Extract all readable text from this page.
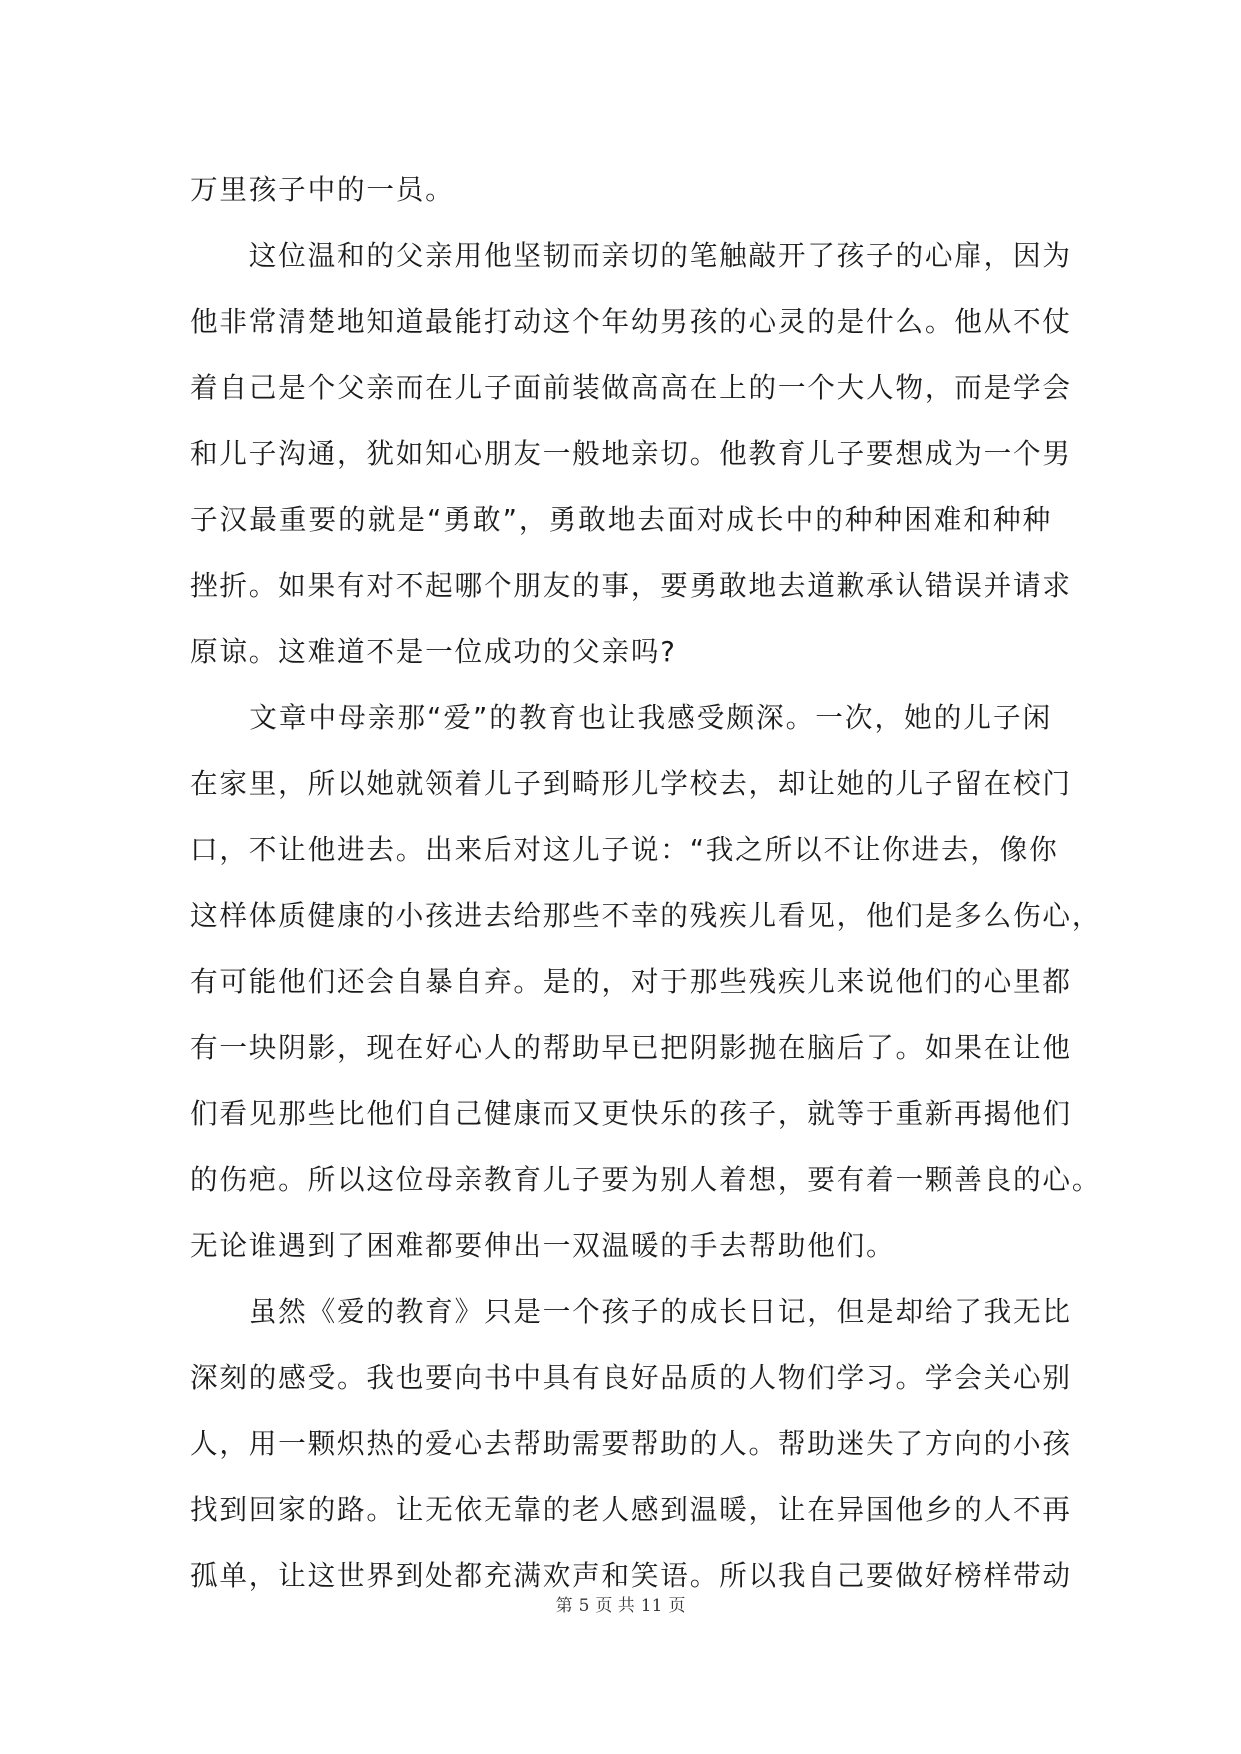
万里孩子中的一员。
　　这位温和的父亲用他坚韧而亲切的笔触敲开了孩子的心扉，因为
他非常清楚地知道最能打动这个年幼男孩的心灵的是什么。他从不仗
着自己是个父亲而在儿子面前装做高高在上的一个大人物，而是学会
和儿子沟通，犹如知心朋友一般地亲切。他教育儿子要想成为一个男
子汉最重要的就是“勇敢”，勇敢地去面对成长中的种种困难和种种
挫折。如果有对不起哪个朋友的事，要勇敢地去道歉承认错误并请求
原谅。这难道不是一位成功的父亲吗?
　　文章中母亲那“爱”的教育也让我感受颇深。一次，她的儿子闲
在家里，所以她就领着儿子到畸形儿学校去，却让她的儿子留在校门
口，不让他进去。出来后对这儿子说：“我之所以不让你进去，像你
这样体质健康的小孩进去给那些不幸的残疾儿看见，他们是多么伤心，
有可能他们还会自暴自弃。是的，对于那些残疾儿来说他们的心里都
有一块阴影，现在好心人的帮助早已把阴影抛在脑后了。如果在让他
们看见那些比他们自己健康而又更快乐的孩子，就等于重新再揭他们
的伤疤。所以这位母亲教育儿子要为别人着想，要有着一颗善良的心。
无论谁遇到了困难都要伸出一双温暖的手去帮助他们。
　　虽然《爱的教育》只是一个孩子的成长日记，但是却给了我无比
深刻的感受。我也要向书中具有良好品质的人物们学习。学会关心别
人，用一颗炽热的爱心去帮助需要帮助的人。帮助迷失了方向的小孩
找到回家的路。让无依无靠的老人感到温暖，让在异国他乡的人不再
孤单，让这世界到处都充满欢声和笑语。所以我自己要做好榜样带动
第 5 页 共 11 页
